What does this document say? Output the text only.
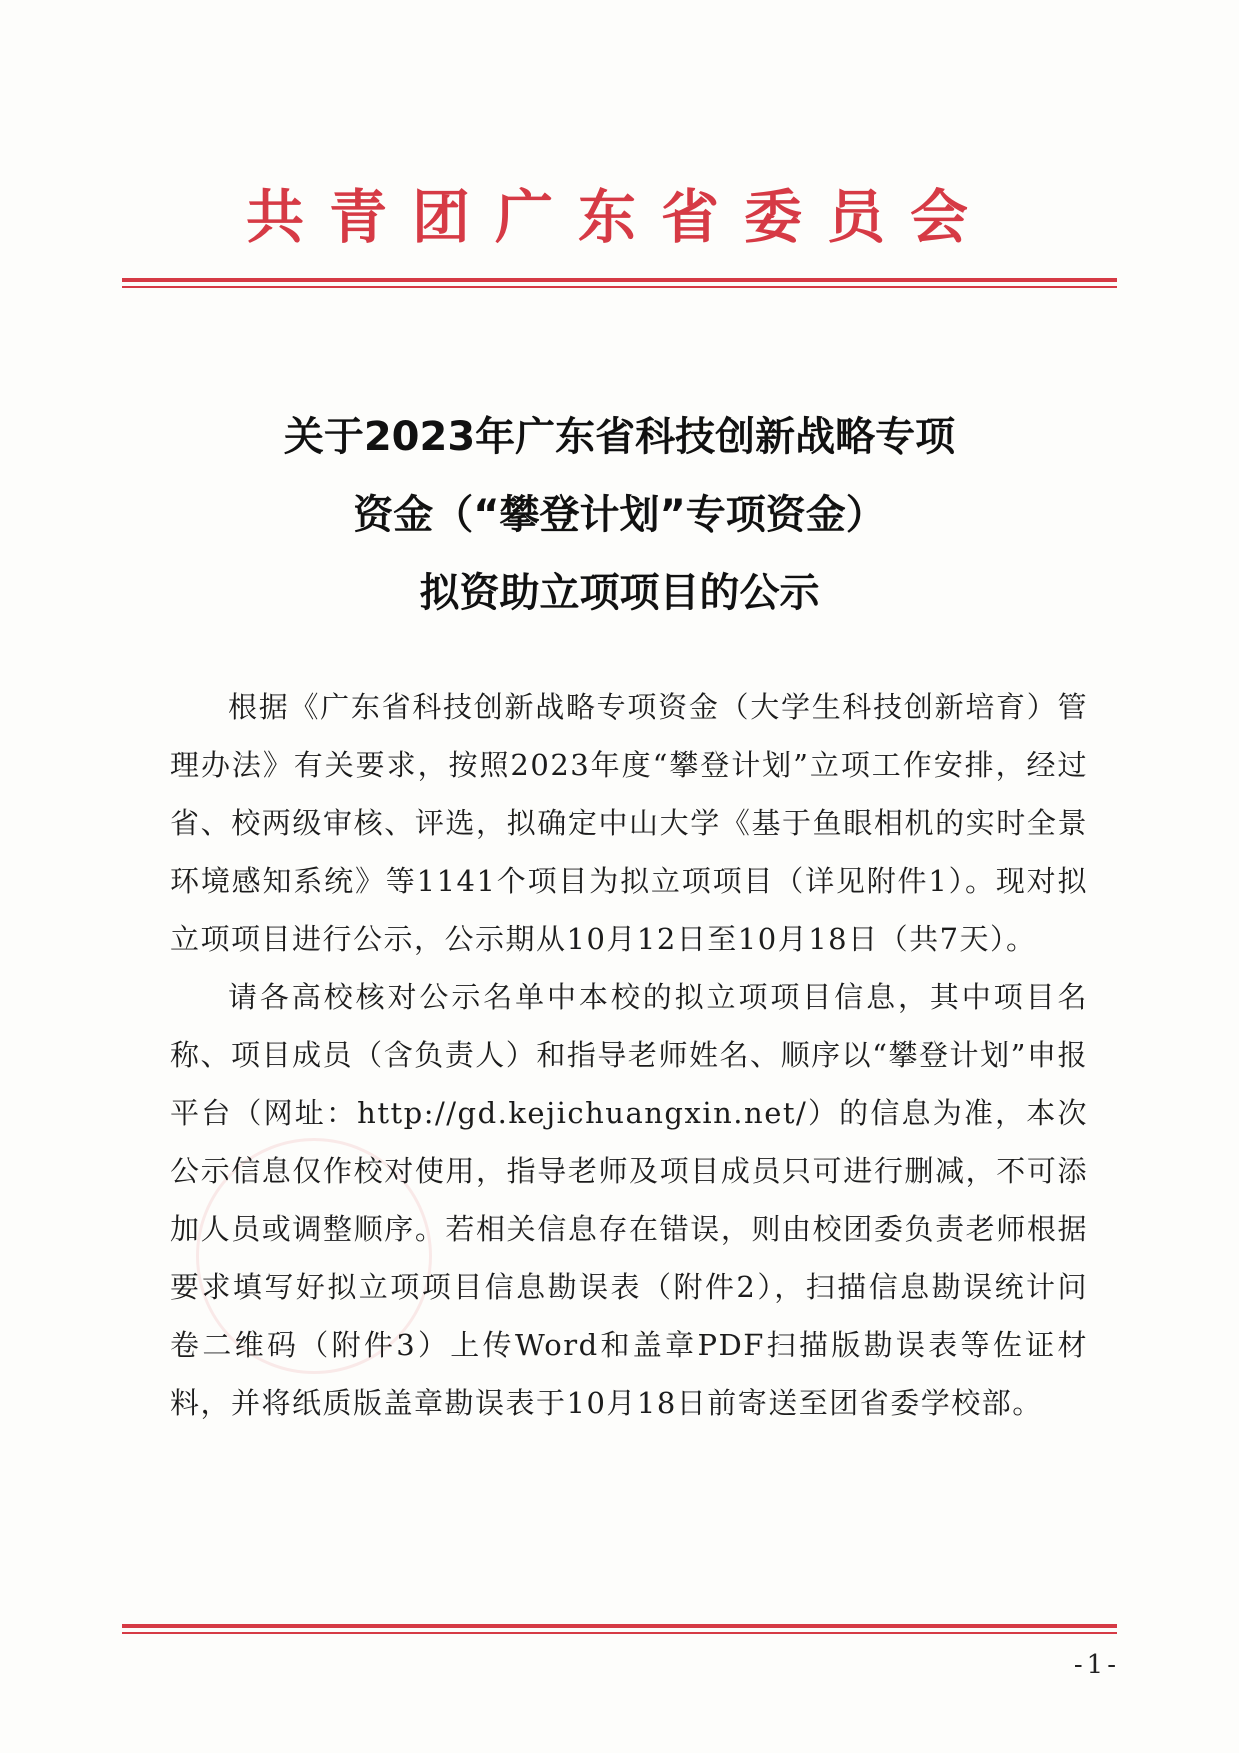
共青团广东省委员会
关于2023年广东省科技创新战略专项
资金（“攀登计划”专项资金）
拟资助立项项目的公示

根据《广东省科技创新战略专项资金（大学生科技创新培育）管理办法》有关要求，按照2023年度“攀登计划”立项工作安排，经过省、校两级审核、评选，拟确定中山大学《基于鱼眼相机的实时全景环境感知系统》等1141个项目为拟立项项目（详见附件1）。现对拟立项项目进行公示，公示期从10月12日至10月18日（共7天）。

请各高校核对公示名单中本校的拟立项项目信息，其中项目名称、项目成员（含负责人）和指导老师姓名、顺序以“攀登计划”申报平台（网址：http://gd.kejichuangxin.net/）的信息为准，本次公示信息仅作校对使用，指导老师及项目成员只可进行删减，不可添加人员或调整顺序。若相关信息存在错误，则由校团委负责老师根据要求填写好拟立项项目信息勘误表（附件2），扫描信息勘误统计问卷二维码（附件3）上传Word和盖章PDF扫描版勘误表等佐证材料，并将纸质版盖章勘误表于10月18日前寄送至团省委学校部。

-1-
